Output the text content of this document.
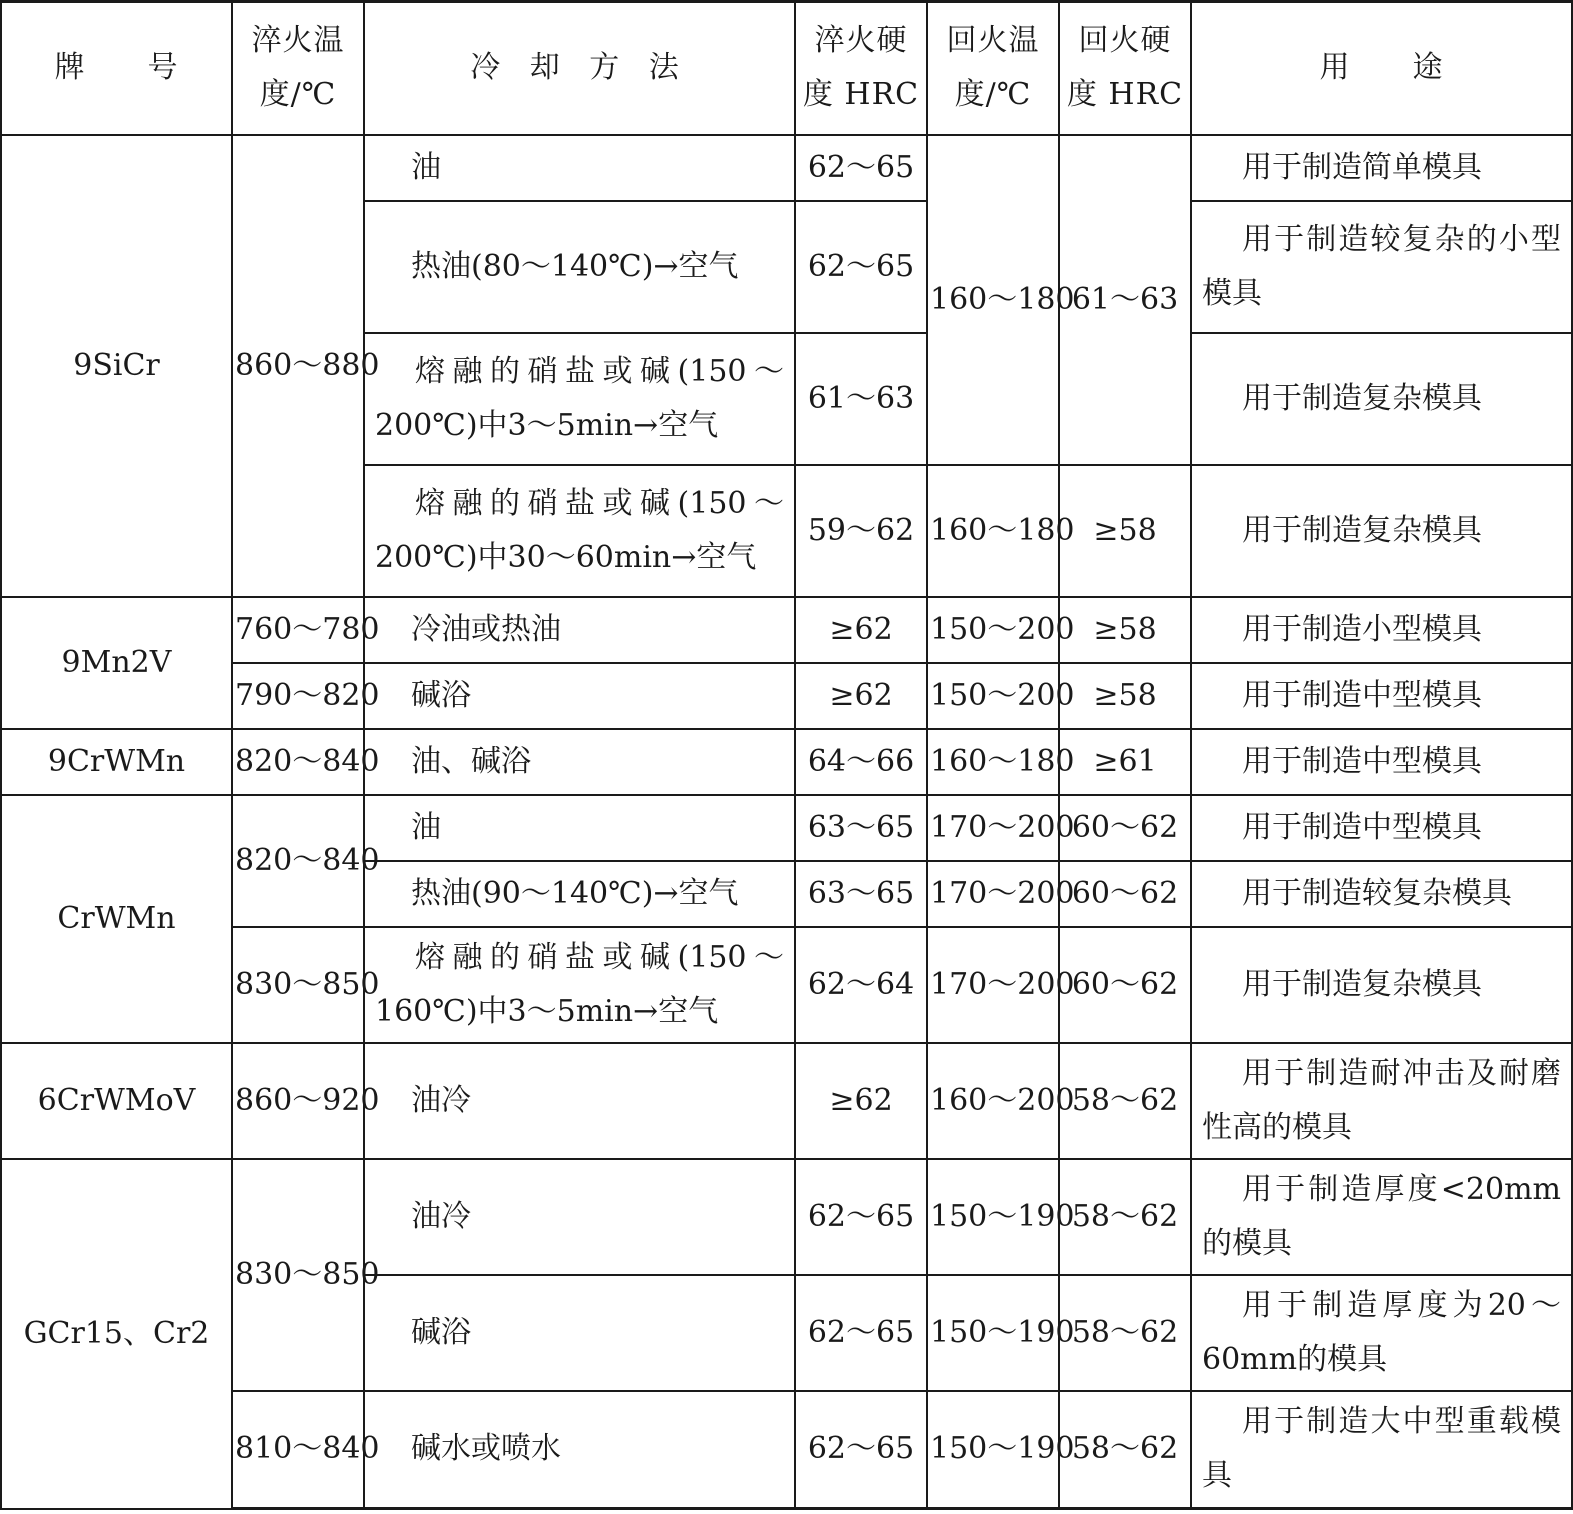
牌　　号	淬火温度/℃	冷 却 方 法	淬火硬度 HRC	回火温度/℃	回火硬度 HRC	用　　途
9SiCr	860～880	油	62～65	160～180	61～63	用于制造简单模具
		热油(80～140℃)→空气	62～65			用于制造较复杂的小型模具
		熔融的硝盐或碱(150～200℃)中3～5min→空气	61～63			用于制造复杂模具
		熔融的硝盐或碱(150～200℃)中30～60min→空气	59～62	160～180	≥58	用于制造复杂模具
9Mn2V	760～780	冷油或热油	≥62	150～200	≥58	用于制造小型模具
	790～820	碱浴	≥62	150～200	≥58	用于制造中型模具
9CrWMn	820～840	油、碱浴	64～66	160～180	≥61	用于制造中型模具
CrWMn	820～840	油	63～65	170～200	60～62	用于制造中型模具
		热油(90～140℃)→空气	63～65	170～200	60～62	用于制造较复杂模具
	830～850	熔融的硝盐或碱(150～160℃)中3～5min→空气	62～64	170～200	60～62	用于制造复杂模具
6CrWMoV	860～920	油冷	≥62	160～200	58～62	用于制造耐冲击及耐磨性高的模具
GCr15、Cr2	830～850	油冷	62～65	150～190	58～62	用于制造厚度<20mm的模具
		碱浴	62～65	150～190	58～62	用于制造厚度为20～60mm的模具
	810～840	碱水或喷水	62～65	150～190	58～62	用于制造大中型重载模具
